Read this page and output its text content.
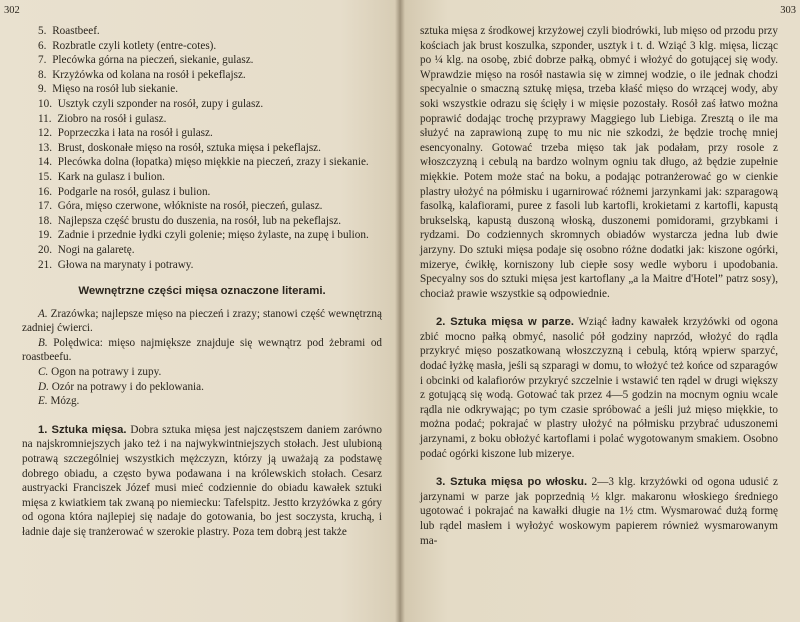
302
5. Roastbeef.
6. Rozbratle czyli kotlety (entre-cotes).
7. Plecówka górna na pieczeń, siekanie, gulasz.
8. Krzyżówka od kolana na rosół i pekeflajsz.
9. Mięso na rosół lub siekanie.
10. Usztyk czyli szponder na rosół, zupy i gulasz.
11. Ziobro na rosół i gulasz.
12. Poprzeczka i łata na rosół i gulasz.
13. Brust, doskonałe mięso na rosół, sztuka mięsa i pekeflajsz.
14. Plecówka dolna (łopatka) mięso miękkie na pieczeń, zrazy i siekanie.
15. Kark na gulasz i bulion.
16. Podgarle na rosół, gulasz i bulion.
17. Góra, mięso czerwone, włókniste na rosół, pieczeń, gulasz.
18. Najlepsza część brustu do duszenia, na rosół, lub na pekeflajsz.
19. Zadnie i przednie łydki czyli golenie; mięso żylaste, na zupę i bulion.
20. Nogi na galaretę.
21. Głowa na marynaty i potrawy.
Wewnętrzne części mięsa oznaczone literami.
A. Zrazówka; najlepsze mięso na pieczeń i zrazy; stanowi część wewnętrzną zadniej ćwierci.
B. Polędwica: mięso najmiększe znajduje się wewnątrz pod żebrami od roastbeefu.
C. Ogon na potrawy i zupy.
D. Ozór na potrawy i do peklowania.
E. Mózg.

1. Sztuka mięsa. Dobra sztuka mięsa jest najczęstszem daniem zarówno na najskromniejszych jako też i na najwykwintniejszych stołach. Jest ulubioną potrawą szczególniej wszystkich mężczyzn, którzy ją uważają za podstawę dobrego obiadu, a często bywa podawana i na królewskich stołach. Cesarz austryacki Franciszek Józef musi mieć codziennie do obiadu kawałek sztuki mięsa z kwiatkiem tak zwaną po niemiecku: Tafelspitz. Jestto krzyżówka z góry od ogona która najlepiej się nadaje do gotowania, bo jest soczysta, kruchą, i ładnie daje się tranżerować w szerokie plastry. Poza tem dobrą jest także

303

sztuka mięsa z środkowej krzyżowej czyli biodrówki, lub mięso od przodu przy kościach jak brust koszulka, szponder, usztyk i t. d. Wziąć 3 klg. mięsa, licząc po ¼ klg. na osobę, zbić dobrze pałką, obmyć i włożyć do gotującej się wody. Wprawdzie mięso na rosół nastawia się w zimnej wodzie, o ile jednak chodzi specyalnie o smaczną sztukę mięsa, trzeba kłaść mięso do wrzącej wody, aby soki wszystkie odrazu się ścięły i w mięsie pozostały. Rosół zaś łatwo można poprawić dodając trochę przyprawy Maggiego lub Liebiga. Zresztą o ile ma służyć na zaprawioną zupę to mu nic nie szkodzi, że będzie trochę mniej esencyonalny. Gotować trzeba mięso tak jak podałam, przy rosole z włoszczyzną i cebulą na bardzo wolnym ogniu tak długo, aż będzie zupełnie miękkie. Potem może stać na boku, a podając potranżerować go w cienkie plastry ułożyć na półmisku i ugarnirować różnemi jarzynkami jak: szparagową fasolką, kalafiorami, puree z fasoli lub kartofli, krokietami z kartofli, kapustą brukselską, kapustą duszoną włoską, duszonemi pomidorami, grzybkami i rydzami. Do codziennych skromnych obiadów wystarcza jedna lub dwie jarzyny. Do sztuki mięsa podaje się osobno różne dodatki jak: kiszone ogórki, mizerye, ćwikłę, korniszony lub ciepłe sosy wedle wyboru i upodobania. Specyalny sos do sztuki mięsa jest kartoflany „a la Maitre d'Hotel” patrz sosy), chociaż prawie wszystkie są odpowiednie.

2. Sztuka mięsa w parze. Wziąć ładny kawałek krzyżówki od ogona zbić mocno pałką obmyć, nasolić pół godziny naprzód, włożyć do rądla przykryć mięso poszatkowaną włoszczyzną i cebulą, którą wpierw sparzyć, dodać łyżkę masła, jeśli są szparagi w domu, to włożyć też końce od szparagów i obcinki od kalafiorów przykryć szczelnie i wstawić ten rądel w drugi większy z gotującą się wodą. Gotować tak przez 4—5 godzin na mocnym ogniu wcale rądla nie odkrywając; po tym czasie spróbować a jeśli już mięso miękkie, to można podać; pokrajać w plastry ułożyć na półmisku przybrać uduszonemi jarzynami, z boku obłożyć kartoflami i polać wygotowanym smakiem. Osobno podać ogórki kiszone lub mizerye.

3. Sztuka mięsa po włosku. 2—3 klg. krzyżówki od ogona udusić z jarzynami w parze jak poprzednią ½ klgr. makaronu włoskiego średniego ugotować i pokrajać na kawałki długie na 1½ ctm. Wysmarować dużą formę lub rądel masłem i wyłożyć woskowym papierem również wysmarowanym ma-
